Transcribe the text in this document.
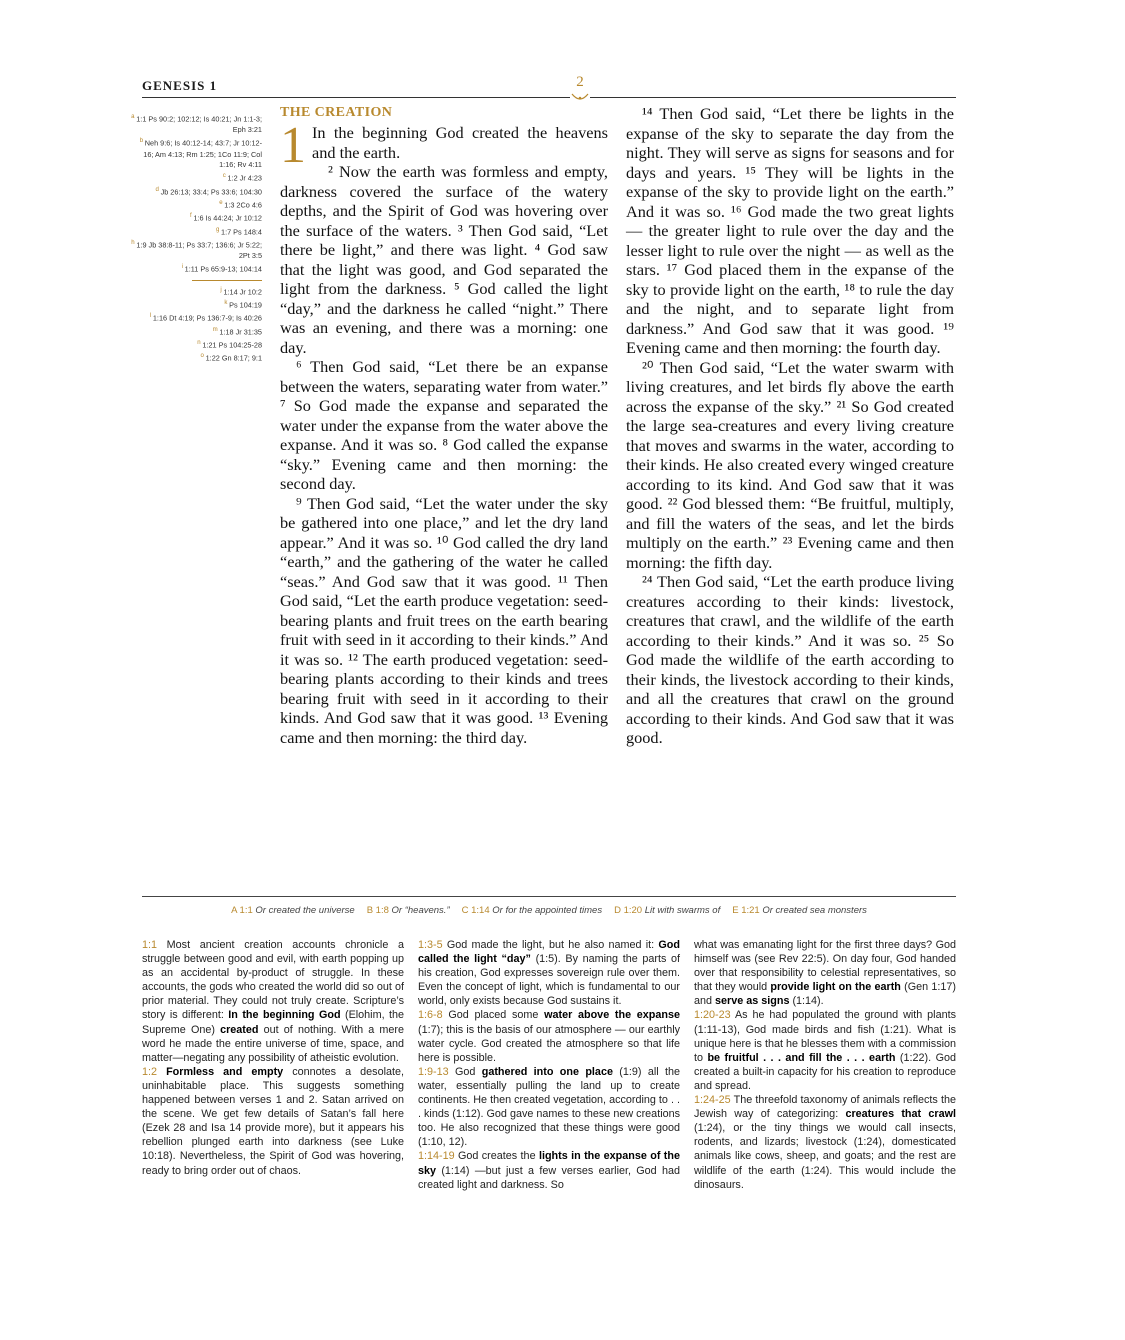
GENESIS 1	2
$^a$ 1:1 Ps 90:2; 102:12; Is 40:21; Jn 1:1-3; Eph 3:21
$^b$ Neh 9:6; Is 40:12-14; 43:7; Jr 10:12-16; Am 4:13; Rm 1:25; 1Co 11:9; Col 1:16; Rv 4:11
$^c$ 1:2 Jr 4:23
$^d$ Jb 26:13; 33:4; Ps 33:6; 104:30
$^e$ 1:3 2Co 4:6
$^f$ 1:6 Is 44:24; Jr 10:12
$^g$ 1:7 Ps 148:4
$^h$ 1:9 Jb 38:8-11; Ps 33:7; 136:6; Jr 5:22; 2Pt 3:5
$^i$ 1:11 Ps 65:9-13; 104:14
$^j$ 1:14 Jr 10:2
$^k$ Ps 104:19
$^l$ 1:16 Dt 4:19; Ps 136:7-9; Is 40:26
$^m$ 1:18 Jr 31:35
$^n$ 1:21 Ps 104:25-28
$^o$ 1:22 Gn 8:17; 9:1
THE CREATION
1 In the beginning God created the heavens and the earth.

² Now the earth was formless and empty, darkness covered the surface of the watery depths, and the Spirit of God was hovering over the surface of the waters. ³ Then God said, “Let there be light,” and there was light. ⁴ God saw that the light was good, and God separated the light from the darkness. ⁵ God called the light “day,” and the darkness he called “night.” There was an evening, and there was a morning: one day.

⁶ Then God said, “Let there be an expanse between the waters, separating water from water.” ⁷ So God made the expanse and separated the water under the expanse from the water above the expanse. And it was so. ⁸ God called the expanse “sky.” Evening came and then morning: the second day.

⁹ Then God said, “Let the water under the sky be gathered into one place,” and let the dry land appear.” And it was so. ¹⁰ God called the dry land “earth,” and the gathering of the water he called “seas.” And God saw that it was good. ¹¹ Then God said, “Let the earth produce vegetation: seed-bearing plants and fruit trees on the earth bearing fruit with seed in it according to their kinds.” And it was so. ¹² The earth produced vegetation: seed-bearing plants according to their kinds and trees bearing fruit with seed in it according to their kinds. And God saw that it was good. ¹³ Evening came and then morning: the third day.

¹⁴ Then God said, “Let there be lights in the expanse of the sky to separate the day from the night. They will serve as signs for seasons and for days and years. ¹⁵ They will be lights in the expanse of the sky to provide light on the earth.” And it was so. ¹⁶ God made the two great lights — the greater light to rule over the day and the lesser light to rule over the night — as well as the stars. ¹⁷ God placed them in the expanse of the sky to provide light on the earth, ¹⁸ to rule the day and the night, and to separate light from darkness.” And God saw that it was good. ¹⁹ Evening came and then morning: the fourth day.

²⁰ Then God said, “Let the water swarm with living creatures, and let birds fly above the earth across the expanse of the sky.” ²¹ So God created the large sea-creatures and every living creature that moves and swarms in the water, according to their kinds. He also created every winged creature according to its kind. And God saw that it was good. ²² God blessed them: “Be fruitful, multiply, and fill the waters of the seas, and let the birds multiply on the earth.” ²³ Evening came and then morning: the fifth day.

²⁴ Then God said, “Let the earth produce living creatures according to their kinds: livestock, creatures that crawl, and the wildlife of the earth according to their kinds.” And it was so. ²⁵ So God made the wildlife of the earth according to their kinds, the livestock according to their kinds, and all the creatures that crawl on the ground according to their kinds. And God saw that it was good.

A 1:1 Or created the universe B 1:8 Or “heavens.” C 1:14 Or for the appointed times D 1:20 Lit with swarms of E 1:21 Or created sea monsters

1:1 Most ancient creation accounts chronicle a struggle between good and evil, with earth popping up as an accidental by-product of struggle. In these accounts, the gods who created the world did so out of prior material. They could not truly create. Scripture’s story is different: In the beginning God (Elohim, the Supreme One) created out of nothing. With a mere word he made the entire universe of time, space, and matter—negating any possibility of atheistic evolution.

1:2 Formless and empty connotes a desolate, uninhabitable place. This suggests something happened between verses 1 and 2. Satan arrived on the scene. We get few details of Satan’s fall here (Ezek 28 and Isa 14 provide more), but it appears his rebellion plunged earth into darkness (see Luke 10:18). Nevertheless, the Spirit of God was hovering, ready to bring order out of chaos.

1:3-5 God made the light, but he also named it: God called the light “day” (1:5). By naming the parts of his creation, God expresses sovereign rule over them. Even the concept of light, which is fundamental to our world, only exists because God sustains it.

1:6-8 God placed some water above the expanse (1:7); this is the basis of our atmosphere — our earthly water cycle. God created the atmosphere so that life here is possible.

1:9-13 God gathered into one place (1:9) all the water, essentially pulling the land up to create continents. He then created vegetation, according to . . . kinds (1:12). God gave names to these new creations too. He also recognized that these things were good (1:10, 12).

1:14-19 God creates the lights in the expanse of the sky (1:14) —but just a few verses earlier, God had created light and darkness. So

what was emanating light for the first three days? God himself was (see Rev 22:5). On day four, God handed over that responsibility to celestial representatives, so that they would provide light on the earth (Gen 1:17) and serve as signs (1:14).

1:20-23 As he had populated the ground with plants (1:11-13), God made birds and fish (1:21). What is unique here is that he blesses them with a commission to be fruitful . . . and fill the . . . earth (1:22). God created a built-in capacity for his creation to reproduce and spread.

1:24-25 The threefold taxonomy of animals reflects the Jewish way of categorizing: creatures that crawl (1:24), or the tiny things we would call insects, rodents, and lizards; livestock (1:24), domesticated animals like cows, sheep, and goats; and the rest are wildlife of the earth (1:24). This would include the dinosaurs.
